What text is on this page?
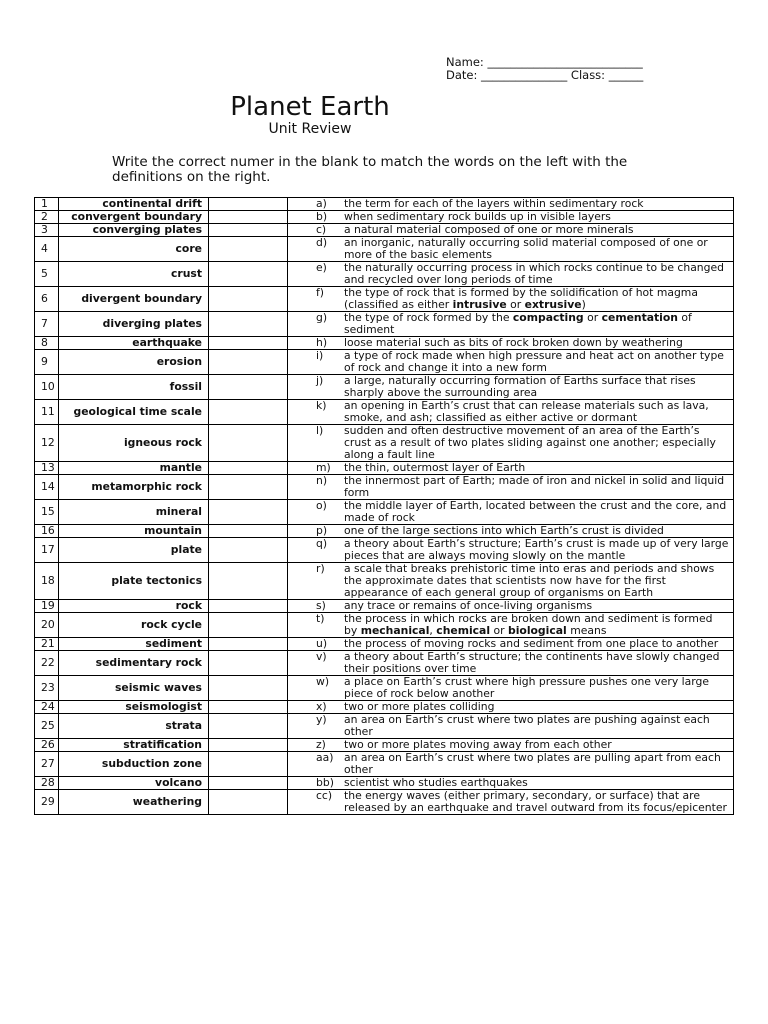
Name: ___________________________
Date: _______________ Class: ______
Planet Earth
Unit Review
Write the correct numer in the blank to match the words on the left with the definitions on the right.
1	continental drift		a) the term for each of the layers within sedimentary rock

2	convergent boundary		b) when sedimentary rock builds up in visible layers

3	converging plates		c) a natural material composed of one or more minerals

4	core		d) an inorganic, naturally occurring solid material composed of one or more of the basic elements

5	crust		e) the naturally occurring process in which rocks continue to be changed and recycled over long periods of time

6	divergent boundary		f) the type of rock that is formed by the solidification of hot magma (classified as either intrusive or extrusive)

7	diverging plates		g) the type of rock formed by the compacting or cementation of sediment

8	earthquake		h) loose material such as bits of rock broken down by weathering

9	erosion		i) a type of rock made when high pressure and heat act on another type of rock and change it into a new form

10	fossil		j) a large, naturally occurring formation of Earths surface that rises sharply above the surrounding area

11	geological time scale		k) an opening in Earth’s crust that can release materials such as lava, smoke, and ash; classified as either active or dormant

12	igneous rock		l) sudden and often destructive movement of an area of the Earth’s crust as a result of two plates sliding against one another; especially along a fault line

13	mantle		m) the thin, outermost layer of Earth

14	metamorphic rock		n) the innermost part of Earth; made of iron and nickel in solid and liquid form

15	mineral		o) the middle layer of Earth, located between the crust and the core, and made of rock

16	mountain		p) one of the large sections into which Earth’s crust is divided

17	plate		q) a theory about Earth’s structure; Earth’s crust is made up of very large pieces that are always moving slowly on the mantle

18	plate tectonics		r) a scale that breaks prehistoric time into eras and periods and shows the approximate dates that scientists now have for the first appearance of each general group of organisms on Earth

19	rock		s) any trace or remains of once-living organisms

20	rock cycle		t) the process in which rocks are broken down and sediment is formed by mechanical, chemical or biological means

21	sediment		u) the process of moving rocks and sediment from one place to another

22	sedimentary rock		v) a theory about Earth’s structure; the continents have slowly changed their positions over time

23	seismic waves		w) a place on Earth’s crust where high pressure pushes one very large piece of rock below another

24	seismologist		x) two or more plates colliding

25	strata		y) an area on Earth’s crust where two plates are pushing against each other

26	stratification		z) two or more plates moving away from each other

27	subduction zone		aa) an area on Earth’s crust where two plates are pulling apart from each other

28	volcano		bb) scientist who studies earthquakes

29	weathering		cc) the energy waves (either primary, secondary, or surface) that are released by an earthquake and travel outward from its focus/epicenter
